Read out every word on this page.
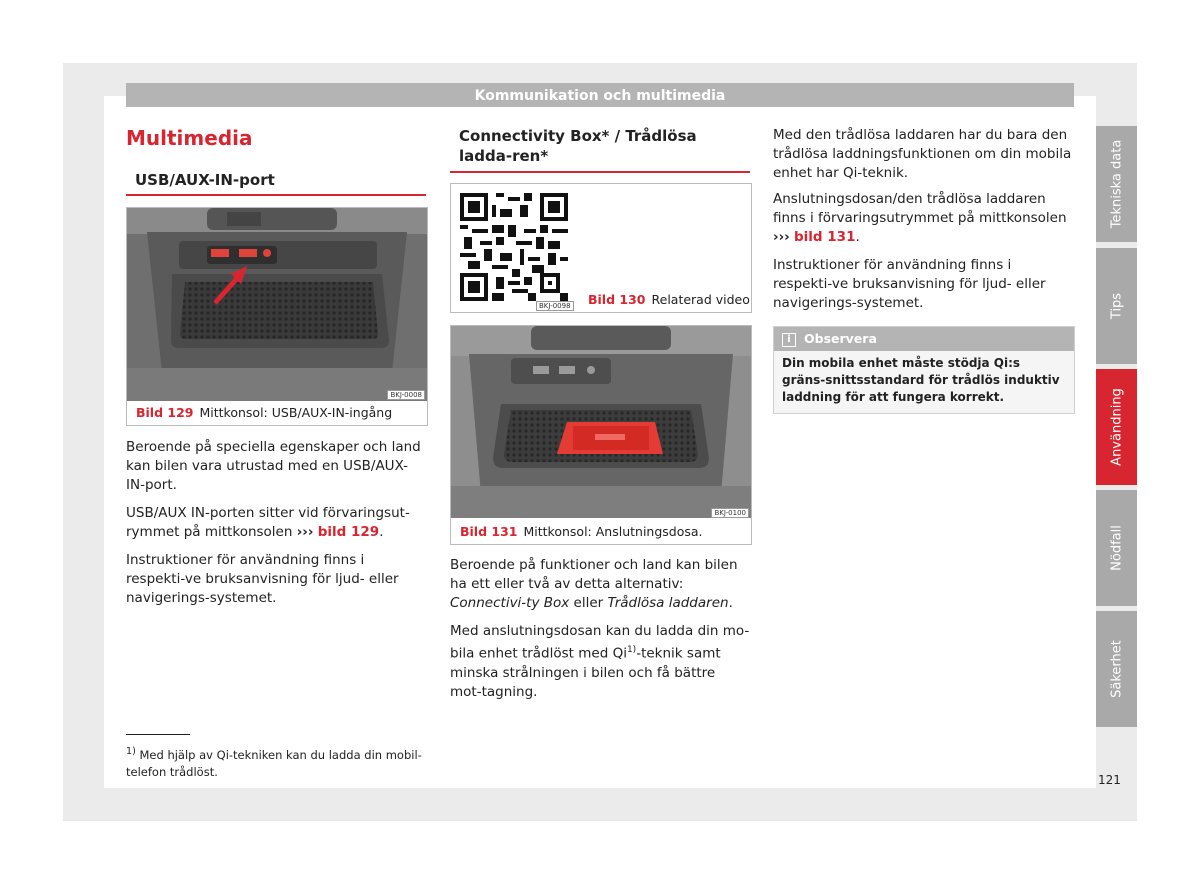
Kommunikation och multimedia
Multimedia
USB/AUX-IN-port
BKJ-0008
Bild 129 Mittkonsol: USB/AUX-IN-ingång
Beroende på speciella egenskaper och land kan bilen vara utrustad med en USB/AUX-IN-port.
USB/AUX IN-porten sitter vid förvaringsut-rymmet på mittkonsolen ››› bild 129.
Instruktioner för användning finns i respekti-ve bruksanvisning för ljud- eller navigerings-systemet.
$^{1)}$ Med hjälp av Qi-tekniken kan du ladda din mobil-telefon trådlöst.
Connectivity Box* / Trådlösa ladda-ren*
BKJ-0098 Bild 130 Relaterad video
BKJ-0100
Bild 131 Mittkonsol: Anslutningsdosa.
Beroende på funktioner och land kan bilen ha ett eller två av detta alternativ: Connectivi-ty Box eller Trådlösa laddaren.
Med anslutningsdosan kan du ladda din mo-bila enhet trådlöst med Qi$^{1)}$-teknik samt minska strålningen i bilen och få bättre mot-tagning.
Med den trådlösa laddaren har du bara den trådlösa laddningsfunktionen om din mobila enhet har Qi-teknik.
Anslutningsdosan/den trådlösa laddaren finns i förvaringsutrymmet på mittkonsolen ››› bild 131.
Instruktioner för användning finns i respekti-ve bruksanvisning för ljud- eller navigerings-systemet.
i Observera
Din mobila enhet måste stödja Qi:s gräns-snittsstandard för trådlös induktiv laddning för att fungera korrekt.
Tekniska data
Tips
Användning
Nödfall
Säkerhet
121
